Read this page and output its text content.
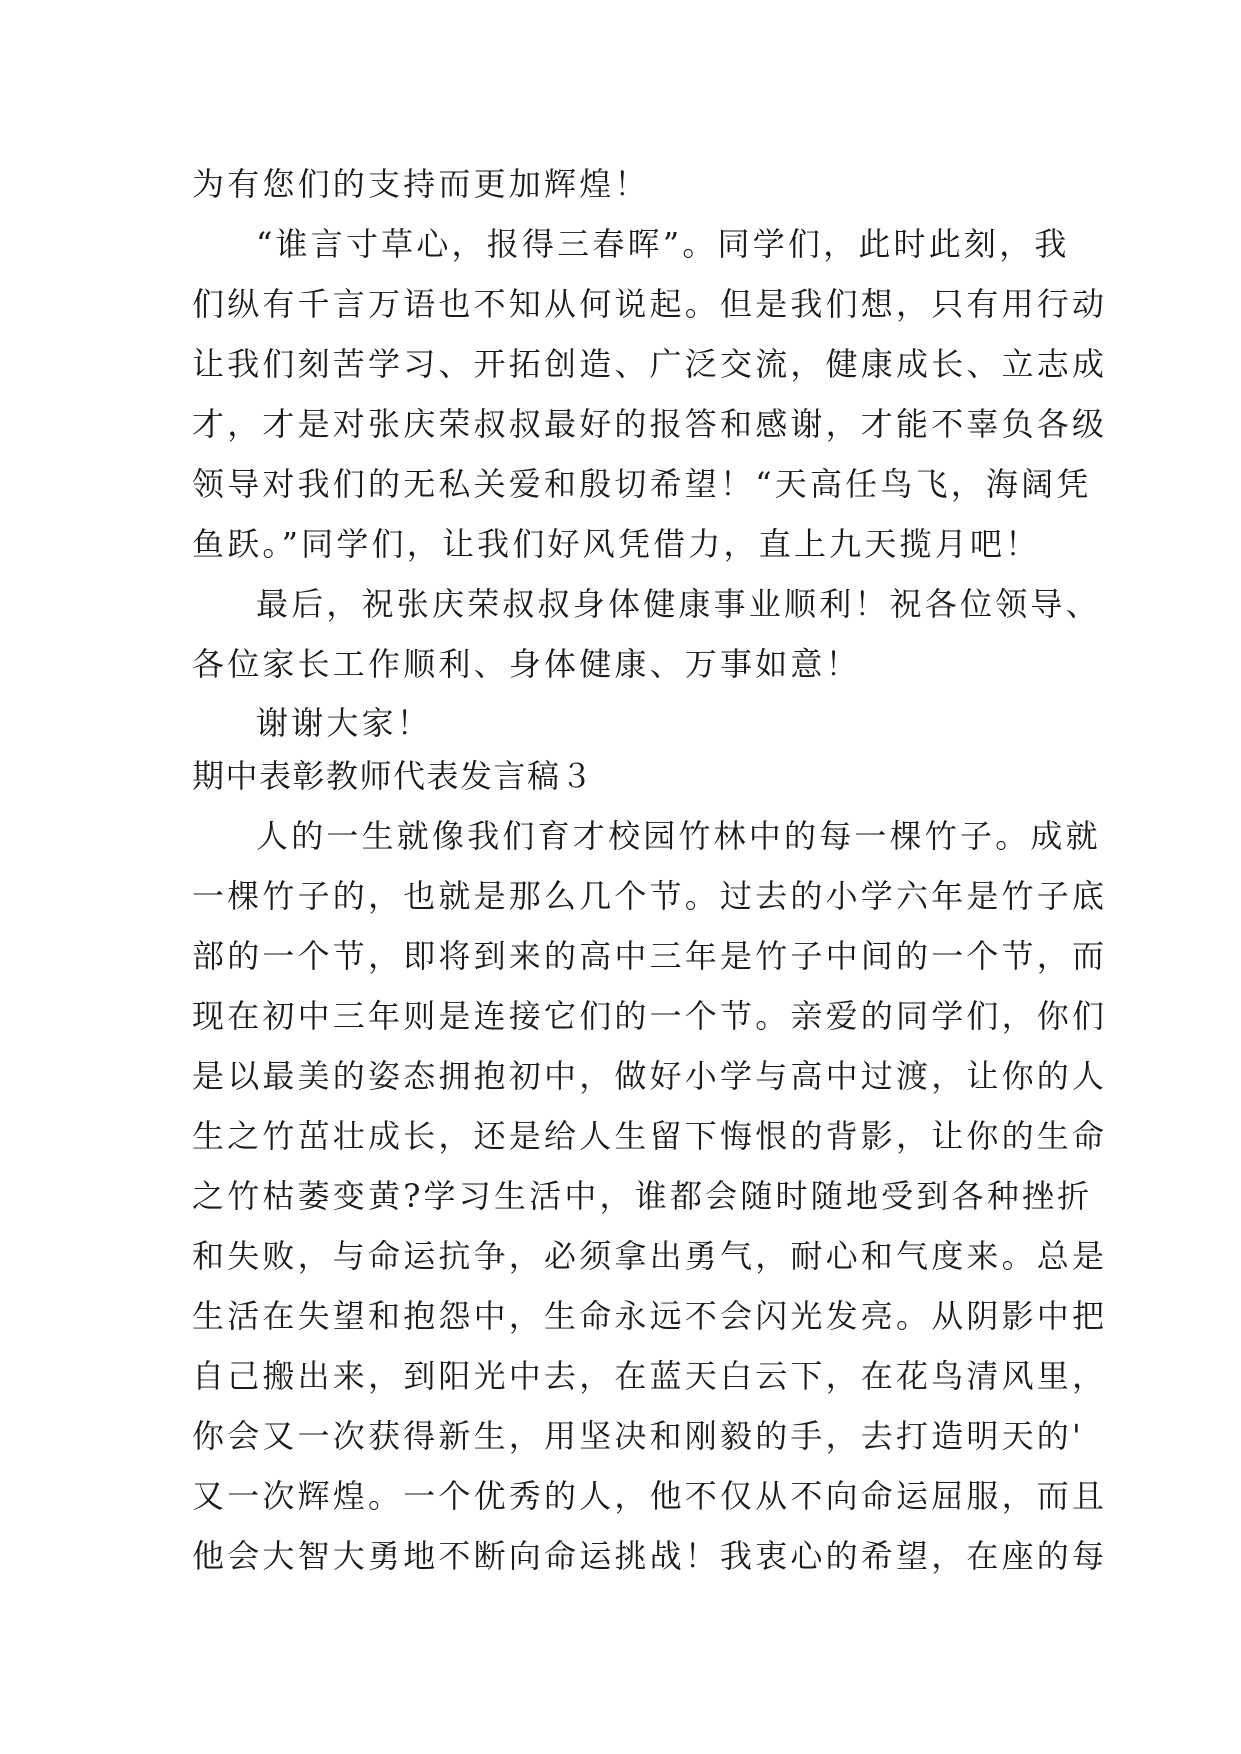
为有您们的支持而更加辉煌！
“谁言寸草心，报得三春晖”。同学们，此时此刻，我
们纵有千言万语也不知从何说起。但是我们想，只有用行动
让我们刻苦学习、开拓创造、广泛交流，健康成长、立志成
才，才是对张庆荣叔叔最好的报答和感谢，才能不辜负各级
领导对我们的无私关爱和殷切希望！“天高任鸟飞，海阔凭
鱼跃。”同学们，让我们好风凭借力，直上九天揽月吧！
最后，祝张庆荣叔叔身体健康事业顺利！祝各位领导、
各位家长工作顺利、身体健康、万事如意！
谢谢大家！
期中表彰教师代表发言稿３
人的一生就像我们育才校园竹林中的每一棵竹子。成就
一棵竹子的，也就是那么几个节。过去的小学六年是竹子底
部的一个节，即将到来的高中三年是竹子中间的一个节，而
现在初中三年则是连接它们的一个节。亲爱的同学们，你们
是以最美的姿态拥抱初中，做好小学与高中过渡，让你的人
生之竹茁壮成长，还是给人生留下悔恨的背影，让你的生命
之竹枯萎变黄?学习生活中，谁都会随时随地受到各种挫折
和失败，与命运抗争，必须拿出勇气，耐心和气度来。总是
生活在失望和抱怨中，生命永远不会闪光发亮。从阴影中把
自己搬出来，到阳光中去，在蓝天白云下，在花鸟清风里，
你会又一次获得新生，用坚决和刚毅的手，去打造明天的'
又一次辉煌。一个优秀的人，他不仅从不向命运屈服，而且
他会大智大勇地不断向命运挑战！我衷心的希望，在座的每
